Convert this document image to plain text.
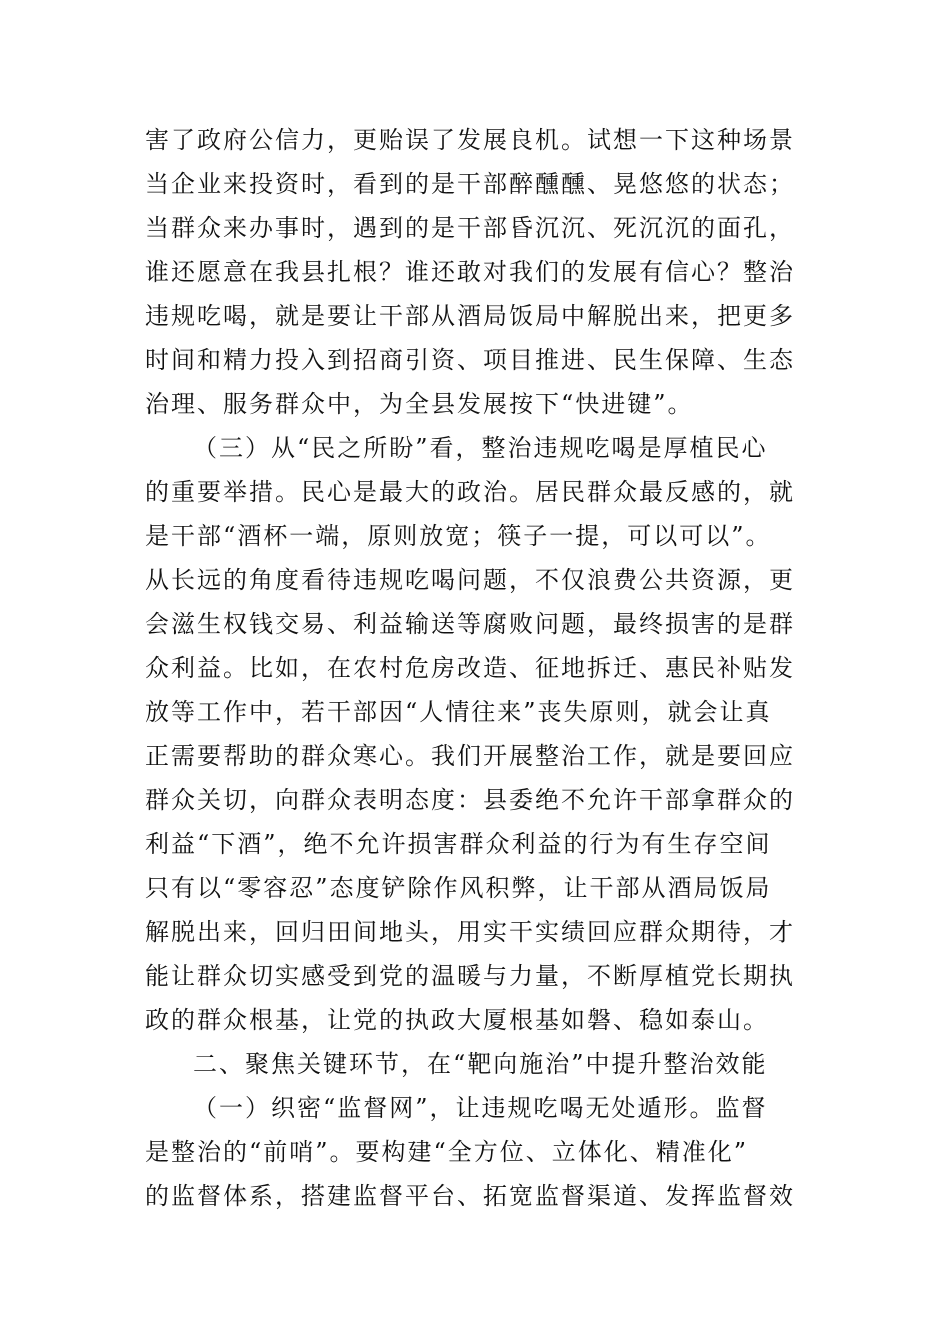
害了政府公信力，更贻误了发展良机。试想一下这种场景
当企业来投资时，看到的是干部醉醺醺、晃悠悠的状态；
当群众来办事时，遇到的是干部昏沉沉、死沉沉的面孔，
谁还愿意在我县扎根？谁还敢对我们的发展有信心？整治
违规吃喝，就是要让干部从酒局饭局中解脱出来，把更多
时间和精力投入到招商引资、项目推进、民生保障、生态
治理、服务群众中，为全县发展按下“快进键”。
（三）从“民之所盼”看，整治违规吃喝是厚植民心
的重要举措。民心是最大的政治。居民群众最反感的，就
是干部“酒杯一端，原则放宽；筷子一提，可以可以”。
从长远的角度看待违规吃喝问题，不仅浪费公共资源，更
会滋生权钱交易、利益输送等腐败问题，最终损害的是群
众利益。比如，在农村危房改造、征地拆迁、惠民补贴发
放等工作中，若干部因“人情往来”丧失原则，就会让真
正需要帮助的群众寒心。我们开展整治工作，就是要回应
群众关切，向群众表明态度：县委绝不允许干部拿群众的
利益“下酒”，绝不允许损害群众利益的行为有生存空间
只有以“零容忍”态度铲除作风积弊，让干部从酒局饭局
解脱出来，回归田间地头，用实干实绩回应群众期待，才
能让群众切实感受到党的温暖与力量，不断厚植党长期执
政的群众根基，让党的执政大厦根基如磐、稳如泰山。
二、聚焦关键环节，在“靶向施治”中提升整治效能
（一）织密“监督网”，让违规吃喝无处遁形。监督
是整治的“前哨”。要构建“全方位、立体化、精准化”
的监督体系，搭建监督平台、拓宽监督渠道、发挥监督效
